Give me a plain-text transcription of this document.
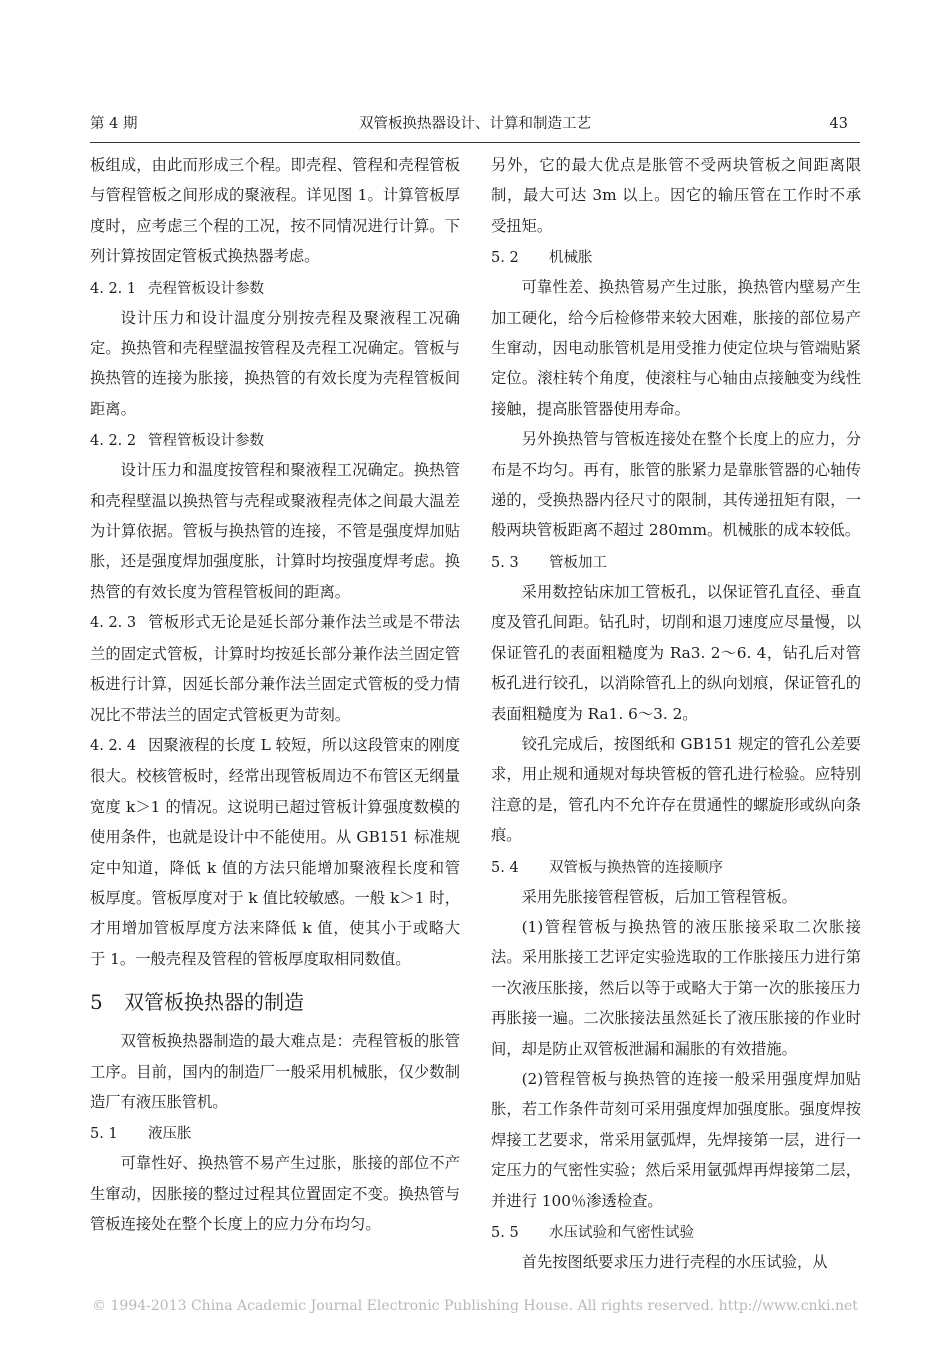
第 4 期	双管板换热器设计、计算和制造工艺	43

板组成，由此而形成三个程。即壳程、管程和壳程管板与管程管板之间形成的聚液程。详见图 1。计算管板厚度时，应考虑三个程的工况，按不同情况进行计算。下列计算按固定管板式换热器考虑。

4. 2. 1 壳程管板设计参数

设计压力和设计温度分别按壳程及聚液程工况确定。换热管和壳程壁温按管程及壳程工况确定。管板与换热管的连接为胀接，换热管的有效长度为壳程管板间距离。

4. 2. 2 管程管板设计参数

设计压力和温度按管程和聚液程工况确定。换热管和壳程壁温以换热管与壳程或聚液程壳体之间最大温差为计算依据。管板与换热管的连接，不管是强度焊加贴胀，还是强度焊加强度胀，计算时均按强度焊考虑。换热管的有效长度为管程管板间的距离。

4. 2. 3 管板形式无论是延长部分兼作法兰或是不带法兰的固定式管板，计算时均按延长部分兼作法兰固定管板进行计算，因延长部分兼作法兰固定式管板的受力情况比不带法兰的固定式管板更为苛刻。

4. 2. 4 因聚液程的长度 L 较短，所以这段管束的刚度很大。校核管板时，经常出现管板周边不布管区无纲量宽度 k＞1 的情况。这说明已超过管板计算强度数模的使用条件，也就是设计中不能使用。从 GB151 标准规定中知道，降低 k 值的方法只能增加聚液程长度和管板厚度。管板厚度对于 k 值比较敏感。一般 k＞1 时，才用增加管板厚度方法来降低 k 值，使其小于或略大于 1。一般壳程及管程的管板厚度取相同数值。

5 双管板换热器的制造

双管板换热器制造的最大难点是：壳程管板的胀管工序。目前，国内的制造厂一般采用机械胀，仅少数制造厂有液压胀管机。

5. 1 液压胀

可靠性好、换热管不易产生过胀，胀接的部位不产生窜动，因胀接的整过过程其位置固定不变。换热管与管板连接处在整个长度上的应力分布均匀。

另外，它的最大优点是胀管不受两块管板之间距离限制，最大可达 3m 以上。因它的输压管在工作时不承受扭矩。

5. 2 机械胀

可靠性差、换热管易产生过胀，换热管内壁易产生加工硬化，给今后检修带来较大困难，胀接的部位易产生窜动，因电动胀管机是用受推力使定位块与管端贴紧定位。滚柱转个角度，使滚柱与心轴由点接触变为线性接触，提高胀管器使用寿命。

另外换热管与管板连接处在整个长度上的应力，分布是不均匀。再有，胀管的胀紧力是靠胀管器的心轴传递的，受换热器内径尺寸的限制，其传递扭矩有限，一般两块管板距离不超过 280mm。机械胀的成本较低。

5. 3 管板加工

采用数控钻床加工管板孔，以保证管孔直径、垂直度及管孔间距。钻孔时，切削和退刀速度应尽量慢，以保证管孔的表面粗糙度为 Ra3. 2～6. 4，钻孔后对管板孔进行铰孔，以消除管孔上的纵向划痕，保证管孔的表面粗糙度为 Ra1. 6～3. 2。

铰孔完成后，按图纸和 GB151 规定的管孔公差要求，用止规和通规对每块管板的管孔进行检验。应特别注意的是，管孔内不允许存在贯通性的螺旋形或纵向条痕。

5. 4 双管板与换热管的连接顺序

采用先胀接管程管板，后加工管程管板。

(1)管程管板与换热管的液压胀接采取二次胀接法。采用胀接工艺评定实验选取的工作胀接压力进行第一次液压胀接，然后以等于或略大于第一次的胀接压力再胀接一遍。二次胀接法虽然延长了液压胀接的作业时间，却是防止双管板泄漏和漏胀的有效措施。

(2)管程管板与换热管的连接一般采用强度焊加贴胀，若工作条件苛刻可采用强度焊加强度胀。强度焊按焊接工艺要求，常采用氩弧焊，先焊接第一层，进行一定压力的气密性实验；然后采用氩弧焊再焊接第二层，并进行 100％渗透检查。

5. 5 水压试验和气密性试验

首先按图纸要求压力进行壳程的水压试验，从

© 1994-2013 China Academic Journal Electronic Publishing House. All rights reserved. http://www.cnki.net
